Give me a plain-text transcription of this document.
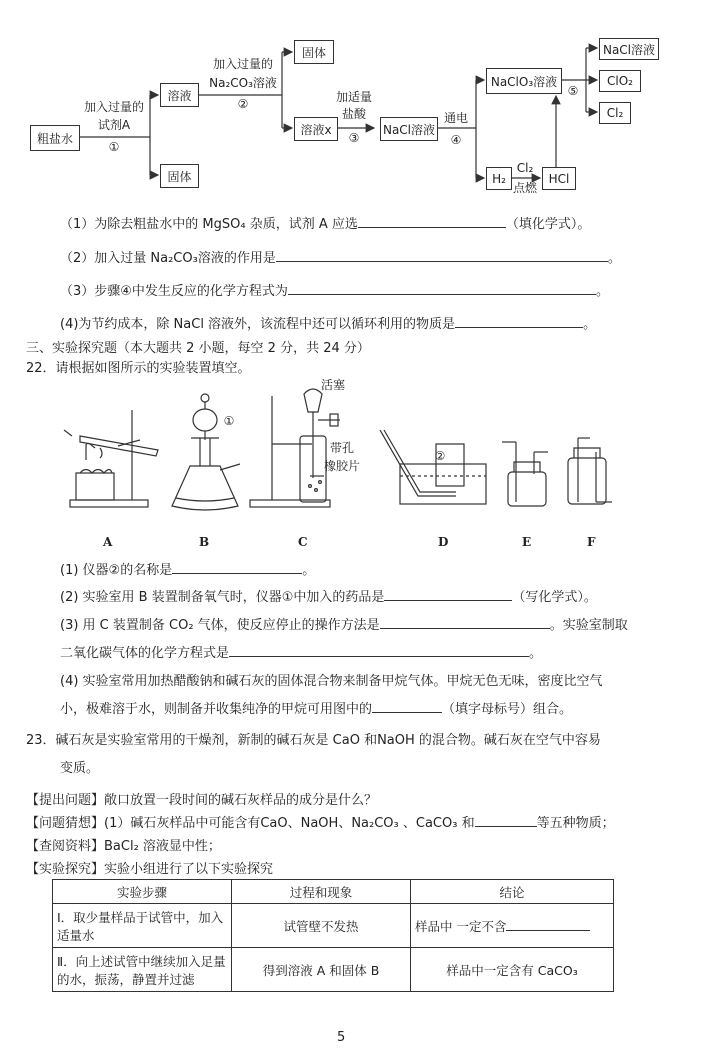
粗盐水
加入过量的
试剂A
①
溶液
固体
加入过量的
Na₂CO₃溶液
②
固体
溶液x
加适量
盐酸
③
NaCl溶液
通电
④
NaClO₃溶液
⑤
NaCl溶液
ClO₂
Cl₂
H₂
Cl₂
点燃
HCl
（1）为除去粗盐水中的 MgSO₄ 杂质，试剂 A 应选	（填化学式）。
（2）加入过量 Na₂CO₃溶液的作用是	。
（3）步骤④中发生反应的化学方程式为	。
(4)为节约成本，除 NaCl 溶液外，该流程中还可以循环利用的物质是	。
三、实验探究题（本大题共 2 小题，每空 2 分，共 24 分）
22．请根据如图所示的实验装置填空。
活塞
①
②
带孔
橡胶片
A	B	C	D	E	F
(1) 仪器②的名称是	。
(2) 实验室用 B 装置制备氧气时，仪器①中加入的药品是	（写化学式）。
(3) 用 C 装置制备 CO₂ 气体，使反应停止的操作方法是	。实验室制取
二氧化碳气体的化学方程式是	。
(4) 实验室常用加热醋酸钠和碱石灰的固体混合物来制备甲烷气体。甲烷无色无味，密度比空气
小，极难溶于水，则制备并收集纯净的甲烷可用图中的	（填字母标号）组合。
23．碱石灰是实验室常用的干燥剂，新制的碱石灰是 CaO 和NaOH 的混合物。碱石灰在空气中容易
变质。
【提出问题】敞口放置一段时间的碱石灰样品的成分是什么？
【问题猜想】(1）碱石灰样品中可能含有CaO、NaOH、Na₂CO₃ 、CaCO₃ 和	等五种物质；
【查阅资料】BaCl₂ 溶液显中性；
【实验探究】实验小组进行了以下实验探究
实验步骤	过程和现象	结论
Ⅰ．取少量样品于试管中，加入适量水	试管壁不发热	样品中 一定不含
Ⅱ．向上述试管中继续加入足量的水，振荡，静置并过滤	得到溶液 A 和固体 B	样品中一定含有 CaCO₃
5
